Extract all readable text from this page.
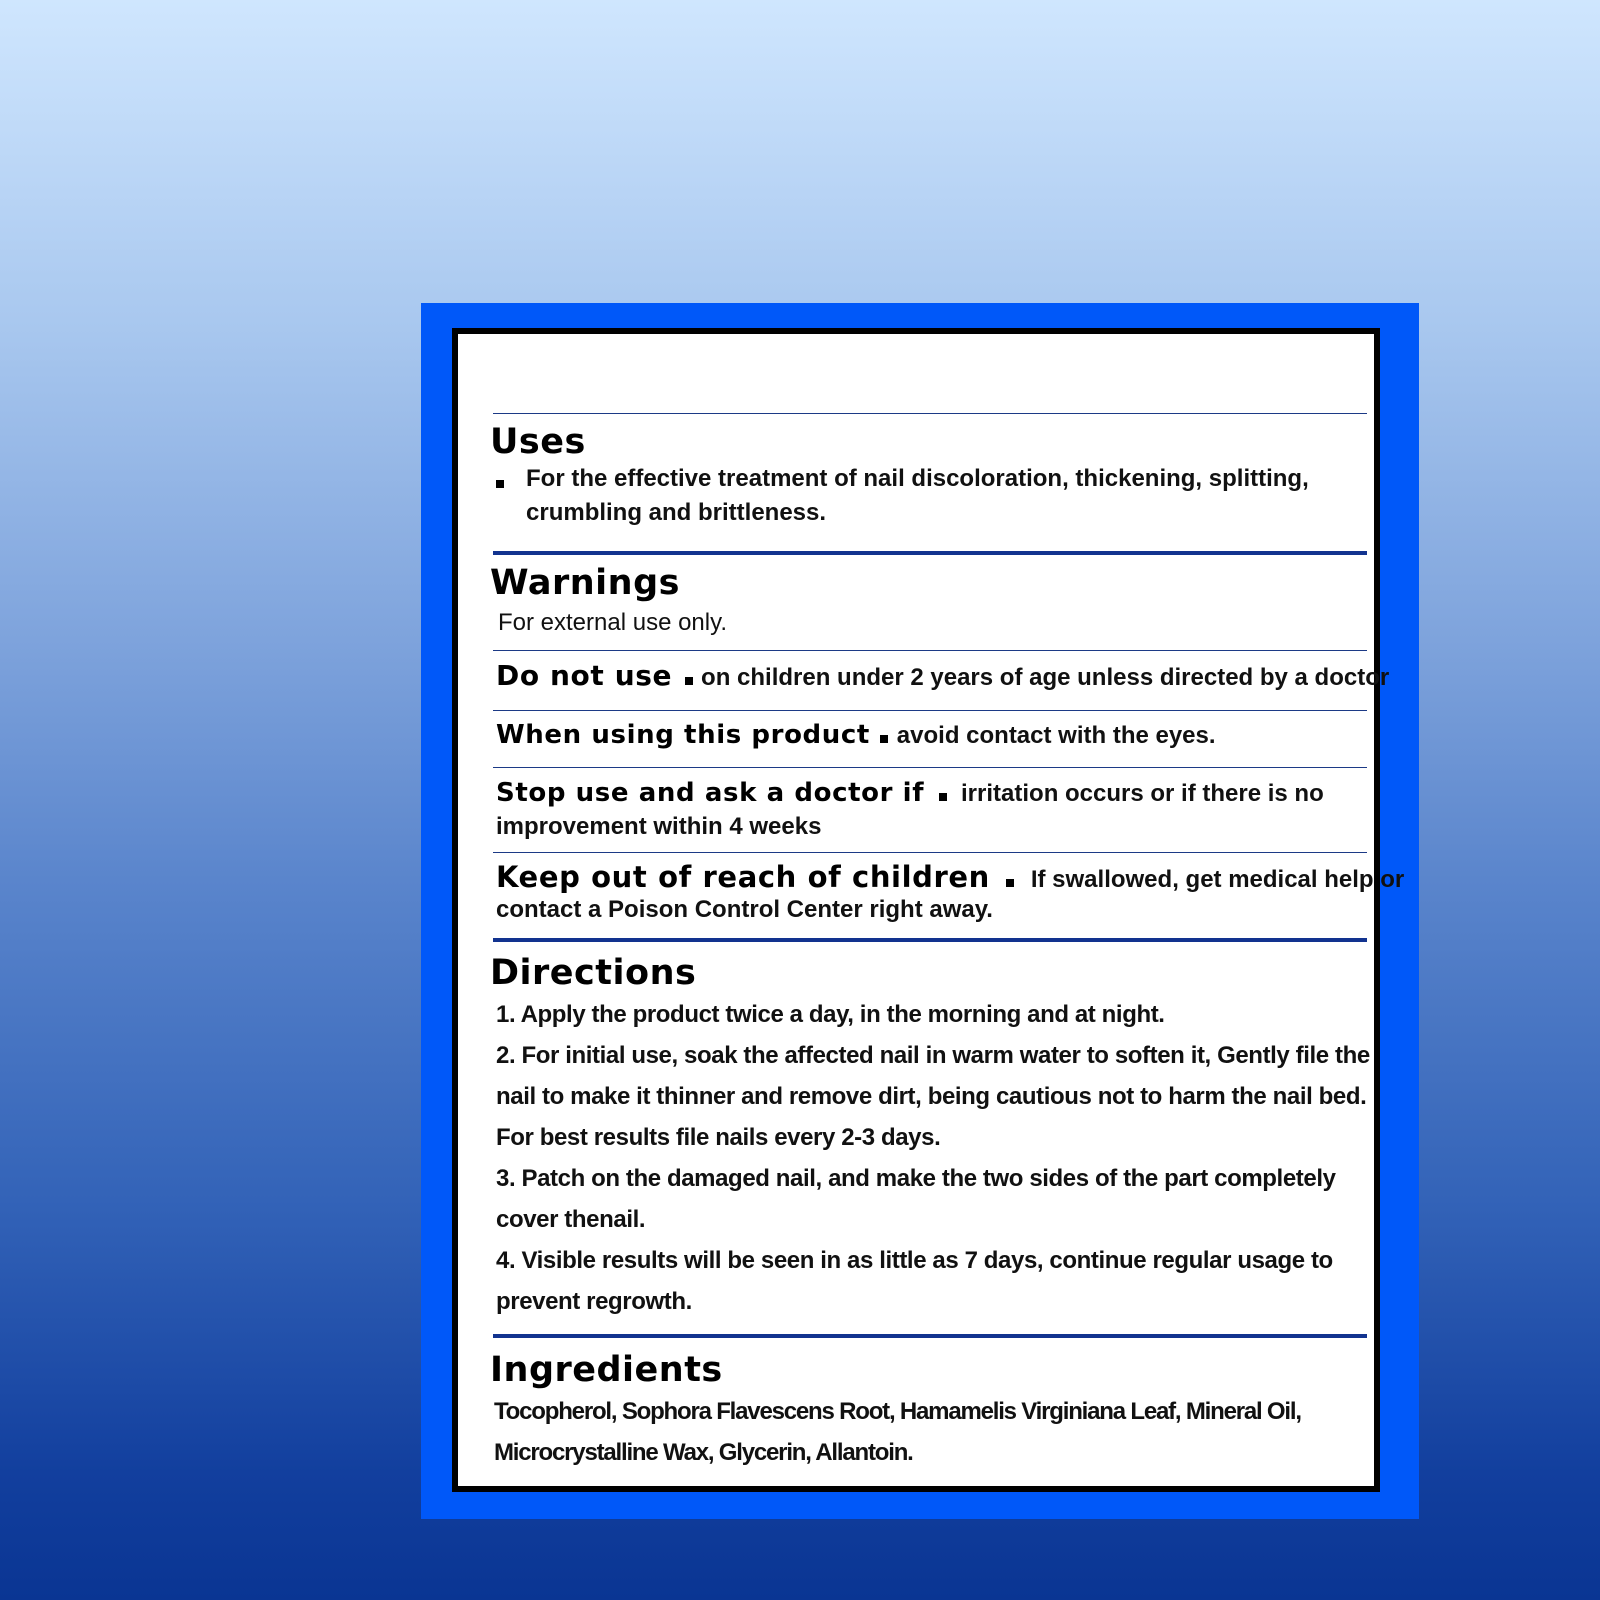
Uses
For the effective treatment of nail discoloration, thickening, splitting,
crumbling and brittleness.
Warnings
For external use only.
Do not use on children under 2 years of age unless directed by a doctor
When using this product avoid contact with the eyes.
Stop use and ask a doctor if irritation occurs or if there is no
improvement within 4 weeks
Keep out of reach of children If swallowed, get medical help or
contact a Poison Control Center right away.
Directions
1. Apply the product twice a day, in the morning and at night.
2. For initial use, soak the affected nail in warm water to soften it, Gently file the
nail to make it thinner and remove dirt, being cautious not to harm the nail bed.
For best results file nails every 2-3 days.
3. Patch on the damaged nail, and make the two sides of the part completely
cover thenail.
4. Visible results will be seen in as little as 7 days, continue regular usage to
prevent regrowth.
Ingredients
Tocopherol, Sophora Flavescens Root, Hamamelis Virginiana Leaf, Mineral Oil,
Microcrystalline Wax, Glycerin, Allantoin.
